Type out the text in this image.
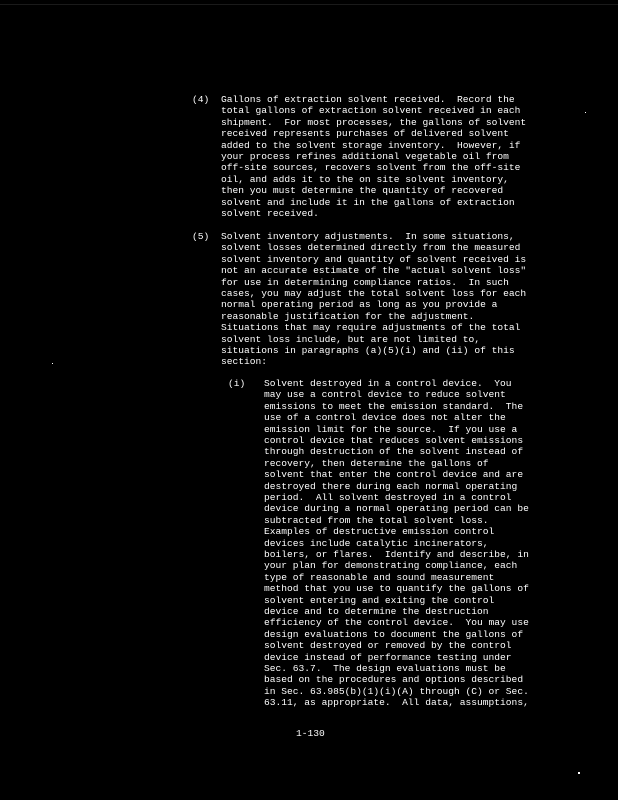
(4) Gallons of extraction solvent received.  Record the
total gallons of extraction solvent received in each
shipment.  For most processes, the gallons of solvent
received represents purchases of delivered solvent
added to the solvent storage inventory.  However, if
your process refines additional vegetable oil from
off-site sources, recovers solvent from the off-site
oil, and adds it to the on site solvent inventory,
then you must determine the quantity of recovered
solvent and include it in the gallons of extraction
solvent received.
(5) Solvent inventory adjustments.  In some situations,
solvent losses determined directly from the measured
solvent inventory and quantity of solvent received is
not an accurate estimate of the "actual solvent loss"
for use in determining compliance ratios.  In such
cases, you may adjust the total solvent loss for each
normal operating period as long as you provide a
reasonable justification for the adjustment.
Situations that may require adjustments of the total
solvent loss include, but are not limited to,
situations in paragraphs (a)(5)(i) and (ii) of this
section:
(i) Solvent destroyed in a control device.  You
may use a control device to reduce solvent
emissions to meet the emission standard.  The
use of a control device does not alter the
emission limit for the source.  If you use a
control device that reduces solvent emissions
through destruction of the solvent instead of
recovery, then determine the gallons of
solvent that enter the control device and are
destroyed there during each normal operating
period.  All solvent destroyed in a control
device during a normal operating period can be
subtracted from the total solvent loss.
Examples of destructive emission control
devices include catalytic incinerators,
boilers, or flares.  Identify and describe, in
your plan for demonstrating compliance, each
type of reasonable and sound measurement
method that you use to quantify the gallons of
solvent entering and exiting the control
device and to determine the destruction
efficiency of the control device.  You may use
design evaluations to document the gallons of
solvent destroyed or removed by the control
device instead of performance testing under
Sec. 63.7.  The design evaluations must be
based on the procedures and options described
in Sec. 63.985(b)(1)(i)(A) through (C) or Sec.
63.11, as appropriate.  All data, assumptions,
1-130
